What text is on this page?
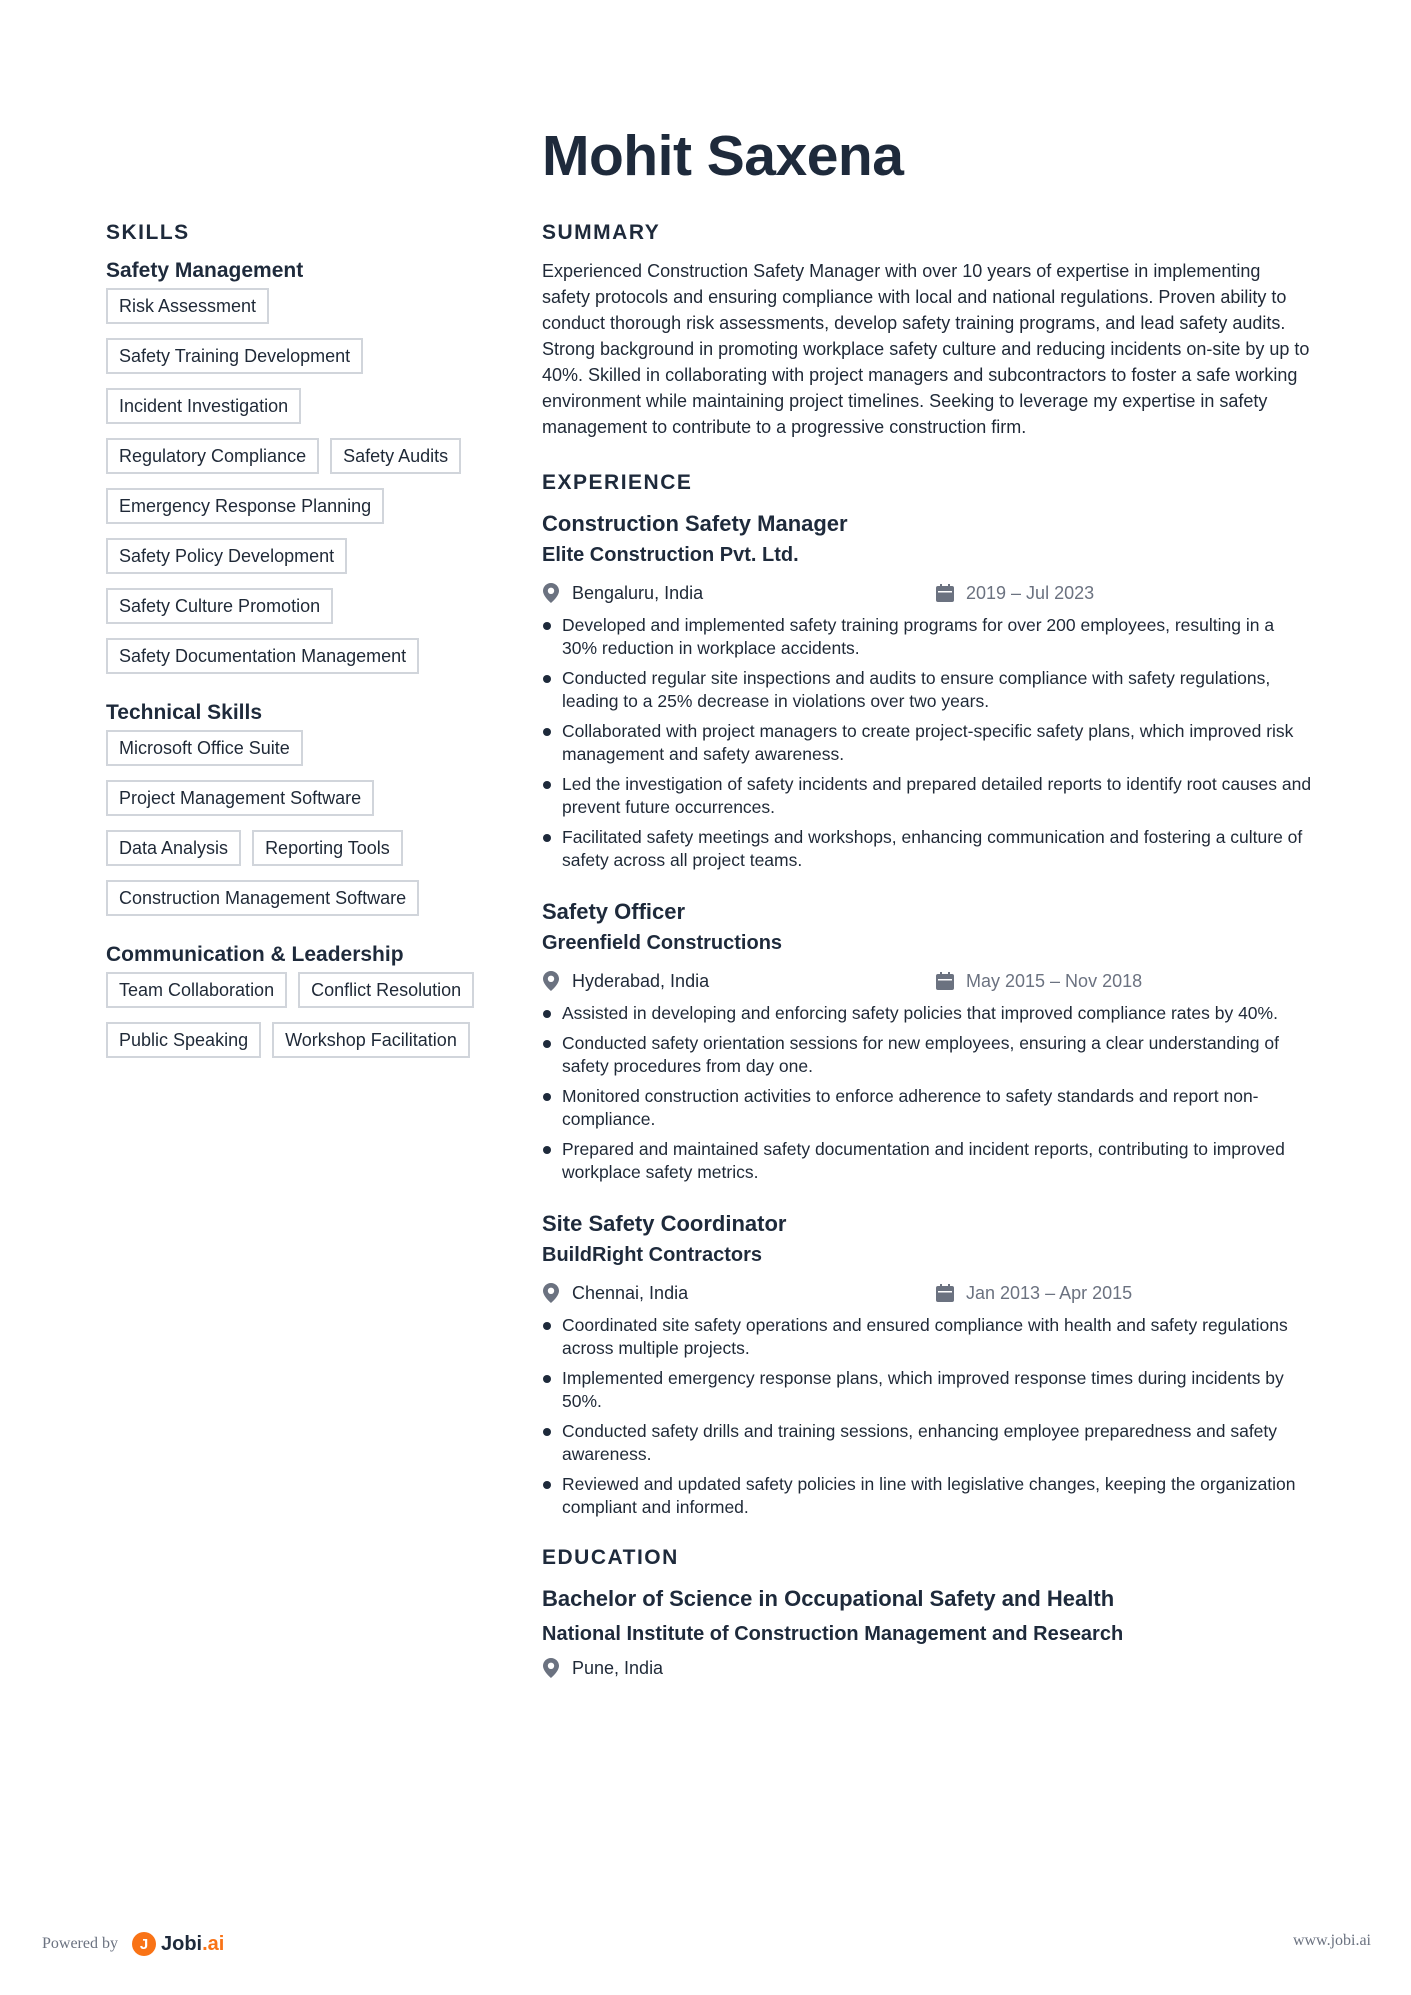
Mohit Saxena
SKILLS
Safety Management
Risk Assessment
Safety Training Development
Incident Investigation
Regulatory Compliance	Safety Audits
Emergency Response Planning
Safety Policy Development
Safety Culture Promotion
Safety Documentation Management
Technical Skills
Microsoft Office Suite
Project Management Software
Data Analysis	Reporting Tools
Construction Management Software
Communication & Leadership
Team Collaboration	Conflict Resolution
Public Speaking	Workshop Facilitation
SUMMARY

Experienced Construction Safety Manager with over 10 years of expertise in implementing safety protocols and ensuring compliance with local and national regulations. Proven ability to conduct thorough risk assessments, develop safety training programs, and lead safety audits. Strong background in promoting workplace safety culture and reducing incidents on-site by up to 40%. Skilled in collaborating with project managers and subcontractors to foster a safe working environment while maintaining project timelines. Seeking to leverage my expertise in safety management to contribute to a progressive construction firm.

EXPERIENCE
Construction Safety Manager
Elite Construction Pvt. Ltd.
Bengaluru, India	2019 – Jul 2023
Developed and implemented safety training programs for over 200 employees, resulting in a 30% reduction in workplace accidents.
Conducted regular site inspections and audits to ensure compliance with safety regulations, leading to a 25% decrease in violations over two years.
Collaborated with project managers to create project-specific safety plans, which improved risk management and safety awareness.
Led the investigation of safety incidents and prepared detailed reports to identify root causes and prevent future occurrences.
Facilitated safety meetings and workshops, enhancing communication and fostering a culture of safety across all project teams.
Safety Officer
Greenfield Constructions
Hyderabad, India	May 2015 – Nov 2018
Assisted in developing and enforcing safety policies that improved compliance rates by 40%.
Conducted safety orientation sessions for new employees, ensuring a clear understanding of safety procedures from day one.
Monitored construction activities to enforce adherence to safety standards and report non-compliance.
Prepared and maintained safety documentation and incident reports, contributing to improved workplace safety metrics.
Site Safety Coordinator
BuildRight Contractors
Chennai, India	Jan 2013 – Apr 2015
Coordinated site safety operations and ensured compliance with health and safety regulations across multiple projects.
Implemented emergency response plans, which improved response times during incidents by 50%.
Conducted safety drills and training sessions, enhancing employee preparedness and safety awareness.
Reviewed and updated safety policies in line with legislative changes, keeping the organization compliant and informed.
EDUCATION
Bachelor of Science in Occupational Safety and Health
National Institute of Construction Management and Research
Pune, India
Powered by	J Jobi.ai	www.jobi.ai
